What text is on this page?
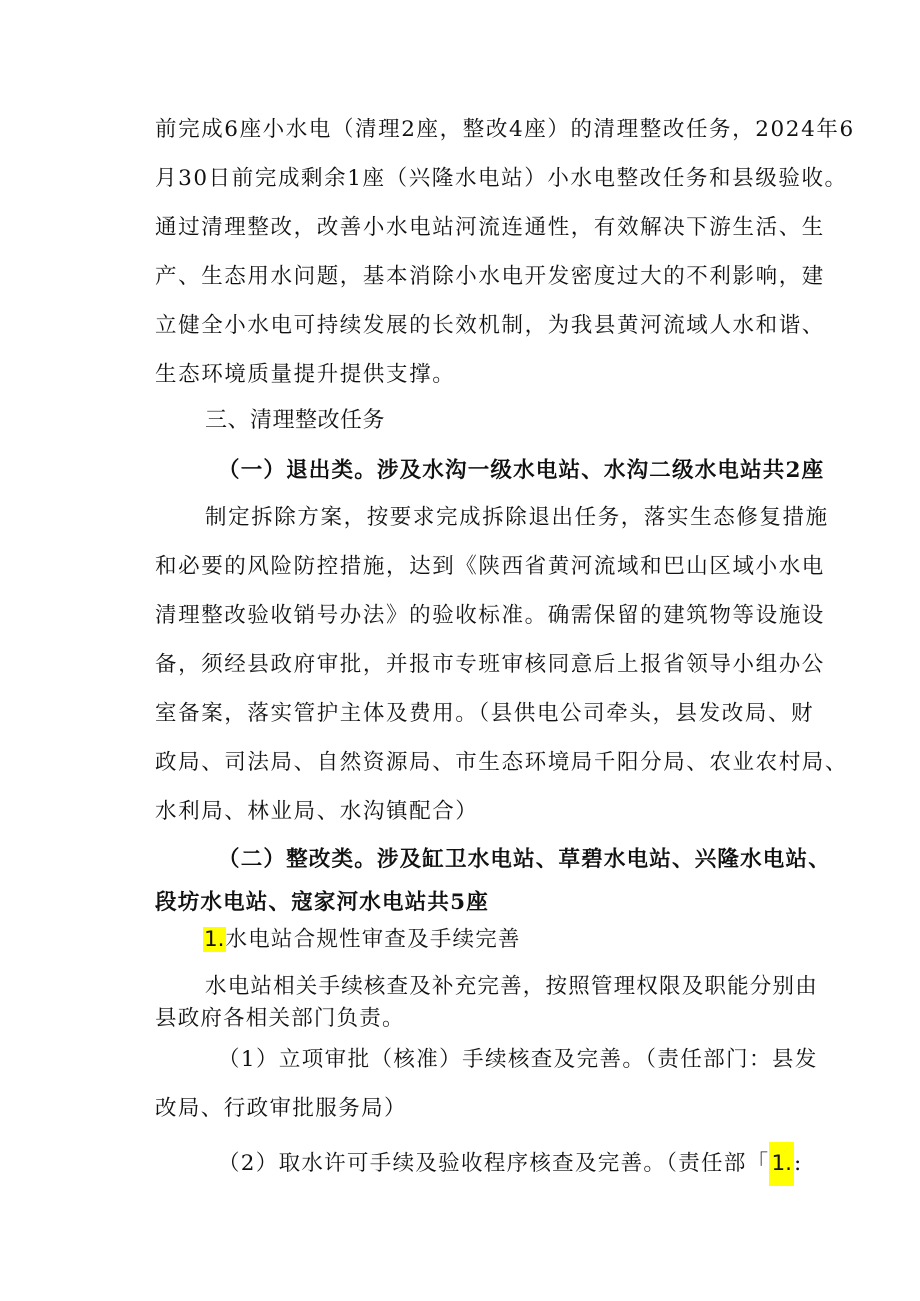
前完成6座小水电（清理2座，整改4座）的清理整改任务，2024年6
月30日前完成剩余1座（兴隆水电站）小水电整改任务和县级验收。
通过清理整改，改善小水电站河流连通性，有效解决下游生活、生
产、生态用水问题，基本消除小水电开发密度过大的不利影响，建
立健全小水电可持续发展的长效机制，为我县黄河流域人水和谐、
生态环境质量提升提供支撑。
三、清理整改任务
（一）退出类。涉及水沟一级水电站、水沟二级水电站共2座
制定拆除方案，按要求完成拆除退出任务，落实生态修复措施
和必要的风险防控措施，达到《陕西省黄河流域和巴山区域小水电
清理整改验收销号办法》的验收标准。确需保留的建筑物等设施设
备，须经县政府审批，并报市专班审核同意后上报省领导小组办公
室备案，落实管护主体及费用。（县供电公司牵头，县发改局、财
政局、司法局、自然资源局、市生态环境局千阳分局、农业农村局、
水利局、林业局、水沟镇配合）
（二）整改类。涉及缸卫水电站、草碧水电站、兴隆水电站、
段坊水电站、寇家河水电站共5座
1.水电站合规性审查及手续完善
水电站相关手续核查及补充完善，按照管理权限及职能分别由
县政府各相关部门负责。
（1）立项审批（核准）手续核查及完善。（责任部门：县发
改局、行政审批服务局）
（2）取水许可手续及验收程序核查及完善。（责任部「1.:
